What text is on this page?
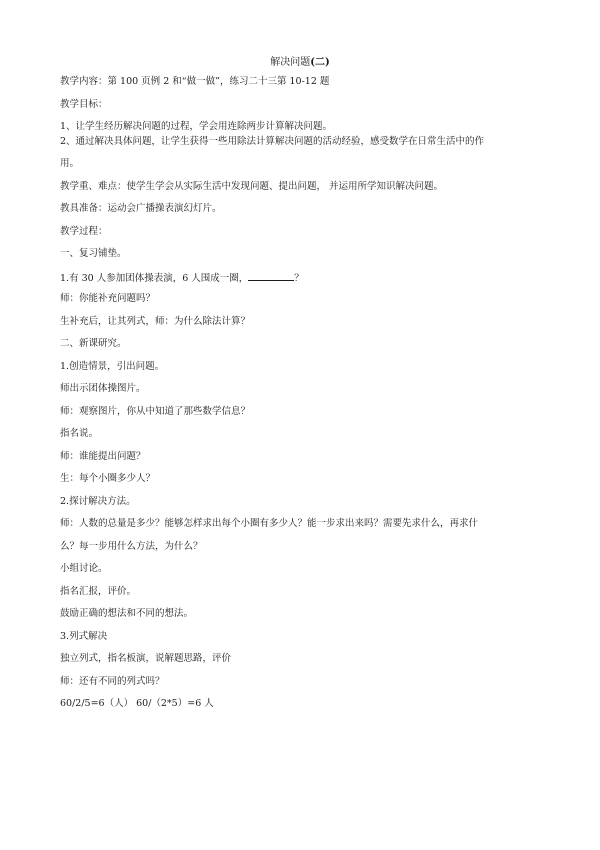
解决问题(二)
教学内容：第 100 页例 2 和“做一做”，练习二十三第 10-12 题
教学目标：
1、让学生经历解决问题的过程，学会用连除两步计算解决问题。
2、通过解决具体问题，让学生获得一些用除法计算解决问题的活动经验，感受数学在日常生活中的作
用。
教学重、难点：使学生学会从实际生活中发现问题、提出问题， 并运用所学知识解决问题。
教具准备：运动会广播操表演幻灯片。
教学过程：
一、复习铺垫。
1.有 30 人参加团体操表演，6 人围成一圈，	？
师：你能补充问题吗？
生补充后，让其列式，师：为什么除法计算？
二、新课研究。
1.创造情景，引出问题。
师出示团体操图片。
师：观察图片，你从中知道了那些数学信息？
指名说。
师：谁能提出问题？
生：每个小圈多少人？
2.探讨解决方法。
师：人数的总量是多少？能够怎样求出每个小圈有多少人？能一步求出来吗？需要先求什么，再求什
么？每一步用什么方法，为什么？
小组讨论。
指名汇报，评价。
鼓励正确的想法和不同的想法。
3.列式解决
独立列式，指名板演，说解题思路，评价
师：还有不同的列式吗？
60/2/5=6（人） 60/（2*5）=6 人
